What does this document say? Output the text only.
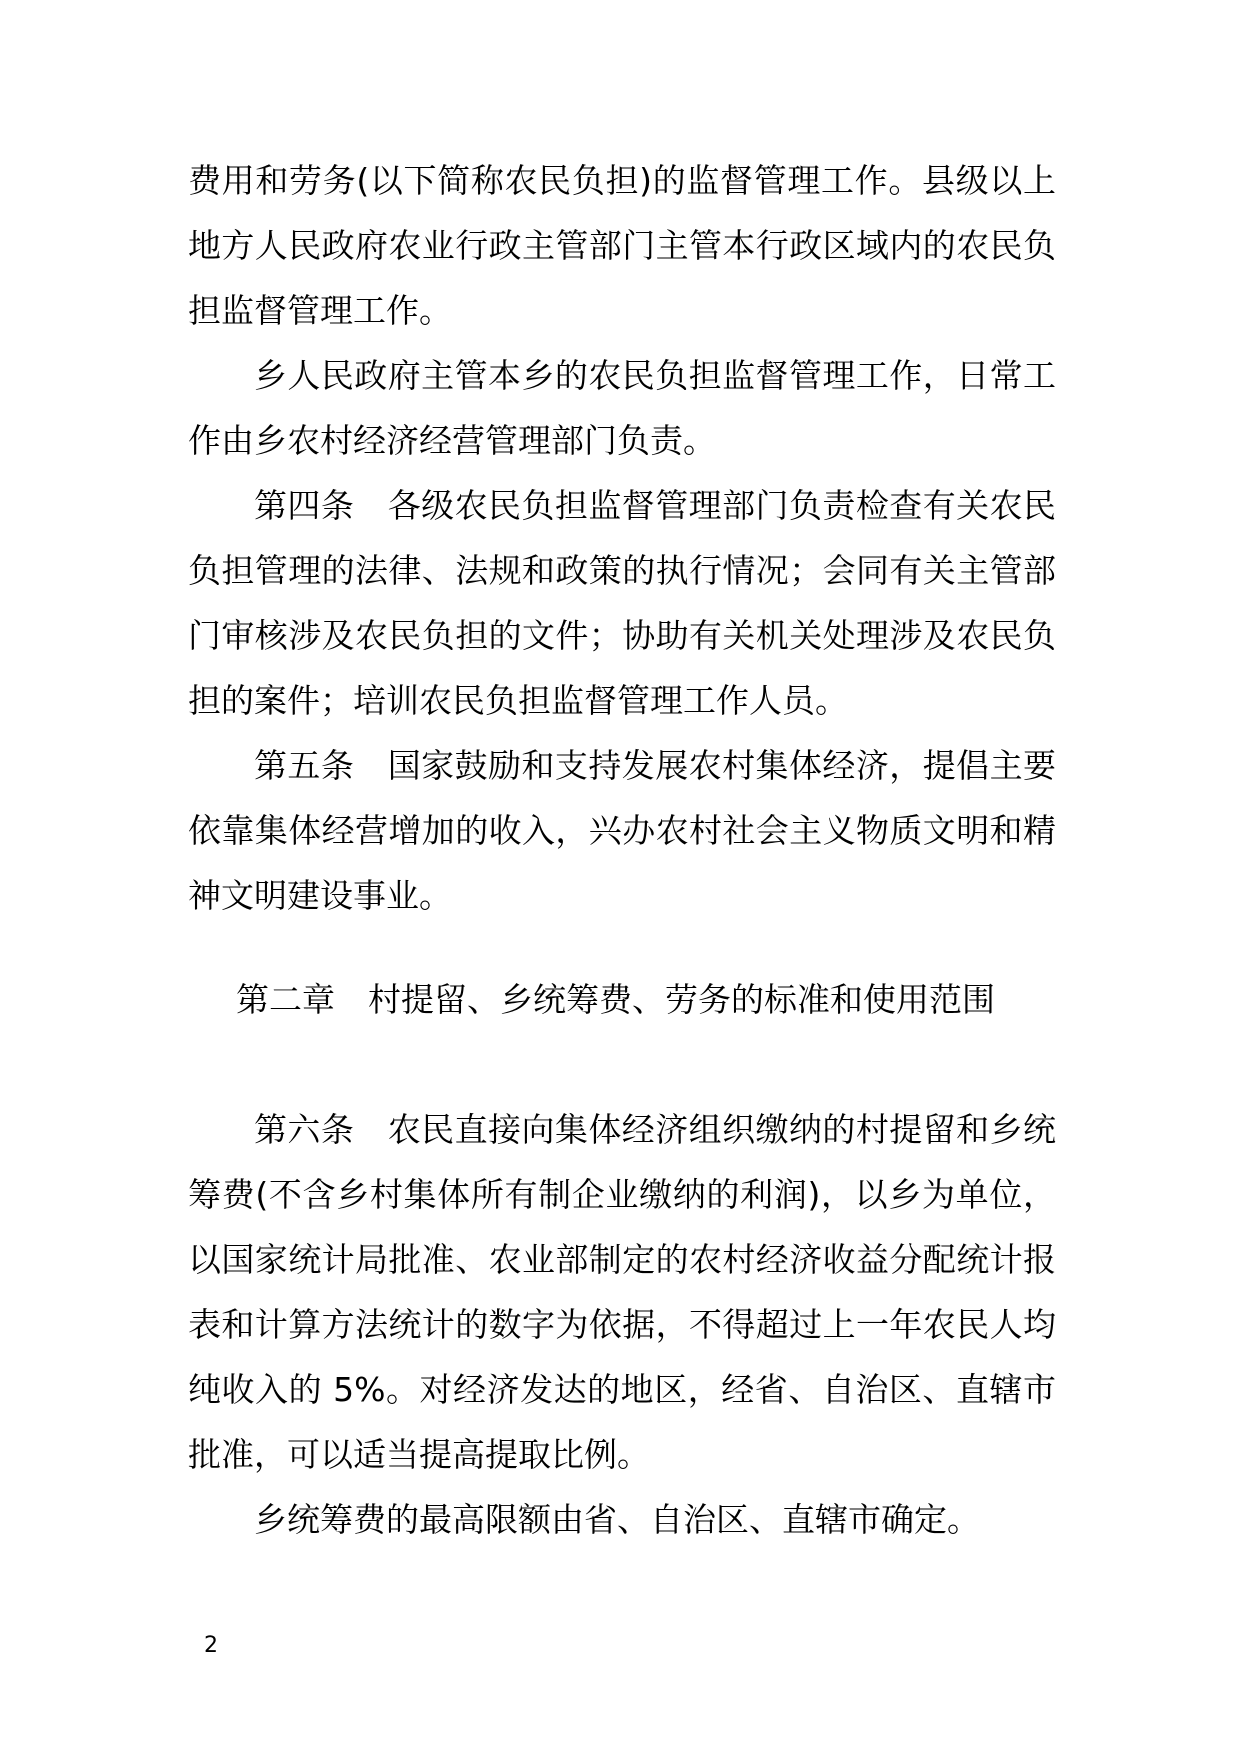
费用和劳务(以下简称农民负担)的监督管理工作。县级以上地方人民政府农业行政主管部门主管本行政区域内的农民负担监督管理工作。

乡人民政府主管本乡的农民负担监督管理工作，日常工作由乡农村经济经营管理部门负责。

第四条　各级农民负担监督管理部门负责检查有关农民负担管理的法律、法规和政策的执行情况；会同有关主管部门审核涉及农民负担的文件；协助有关机关处理涉及农民负担的案件；培训农民负担监督管理工作人员。

第五条　国家鼓励和支持发展农村集体经济，提倡主要依靠集体经营增加的收入，兴办农村社会主义物质文明和精神文明建设事业。

第二章　村提留、乡统筹费、劳务的标准和使用范围

第六条　农民直接向集体经济组织缴纳的村提留和乡统筹费(不含乡村集体所有制企业缴纳的利润)，以乡为单位，以国家统计局批准、农业部制定的农村经济收益分配统计报表和计算方法统计的数字为依据，不得超过上一年农民人均纯收入的 5%。对经济发达的地区，经省、自治区、直辖市批准，可以适当提高提取比例。

乡统筹费的最高限额由省、自治区、直辖市确定。

2
